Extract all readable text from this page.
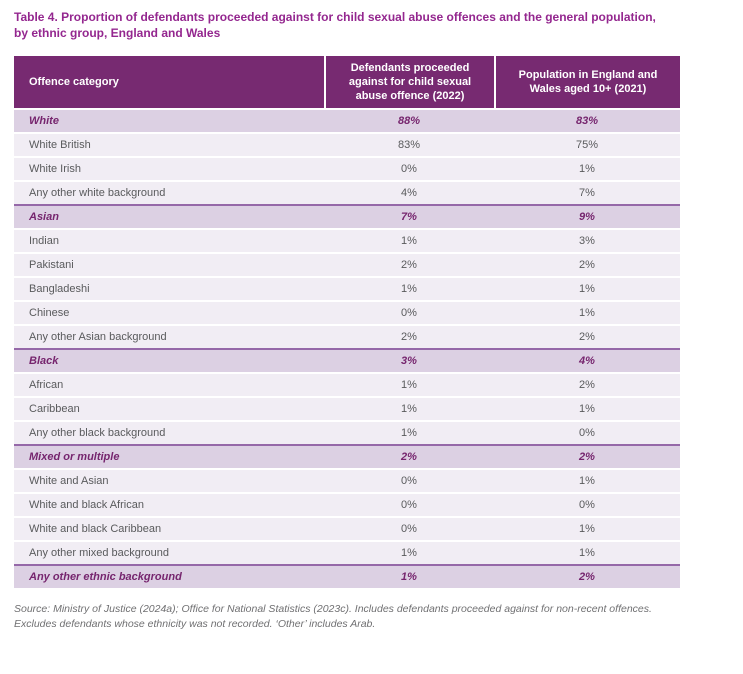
Table 4. Proportion of defendants proceeded against for child sexual abuse offences and the general population,
by ethnic group, England and Wales
Offence category	Defendants proceeded against for child sexual abuse offence (2022)	Population in England and Wales aged 10+ (2021)
White	88%	83%
White British	83%	75%
White Irish	0%	1%
Any other white background	4%	7%
Asian	7%	9%
Indian	1%	3%
Pakistani	2%	2%
Bangladeshi	1%	1%
Chinese	0%	1%
Any other Asian background	2%	2%
Black	3%	4%
African	1%	2%
Caribbean	1%	1%
Any other black background	1%	0%
Mixed or multiple	2%	2%
White and Asian	0%	1%
White and black African	0%	0%
White and black Caribbean	0%	1%
Any other mixed background	1%	1%
Any other ethnic background	1%	2%

Source: Ministry of Justice (2024a); Office for National Statistics (2023c). Includes defendants proceeded against for non-recent offences.
Excludes defendants whose ethnicity was not recorded. ‘Other’ includes Arab.
